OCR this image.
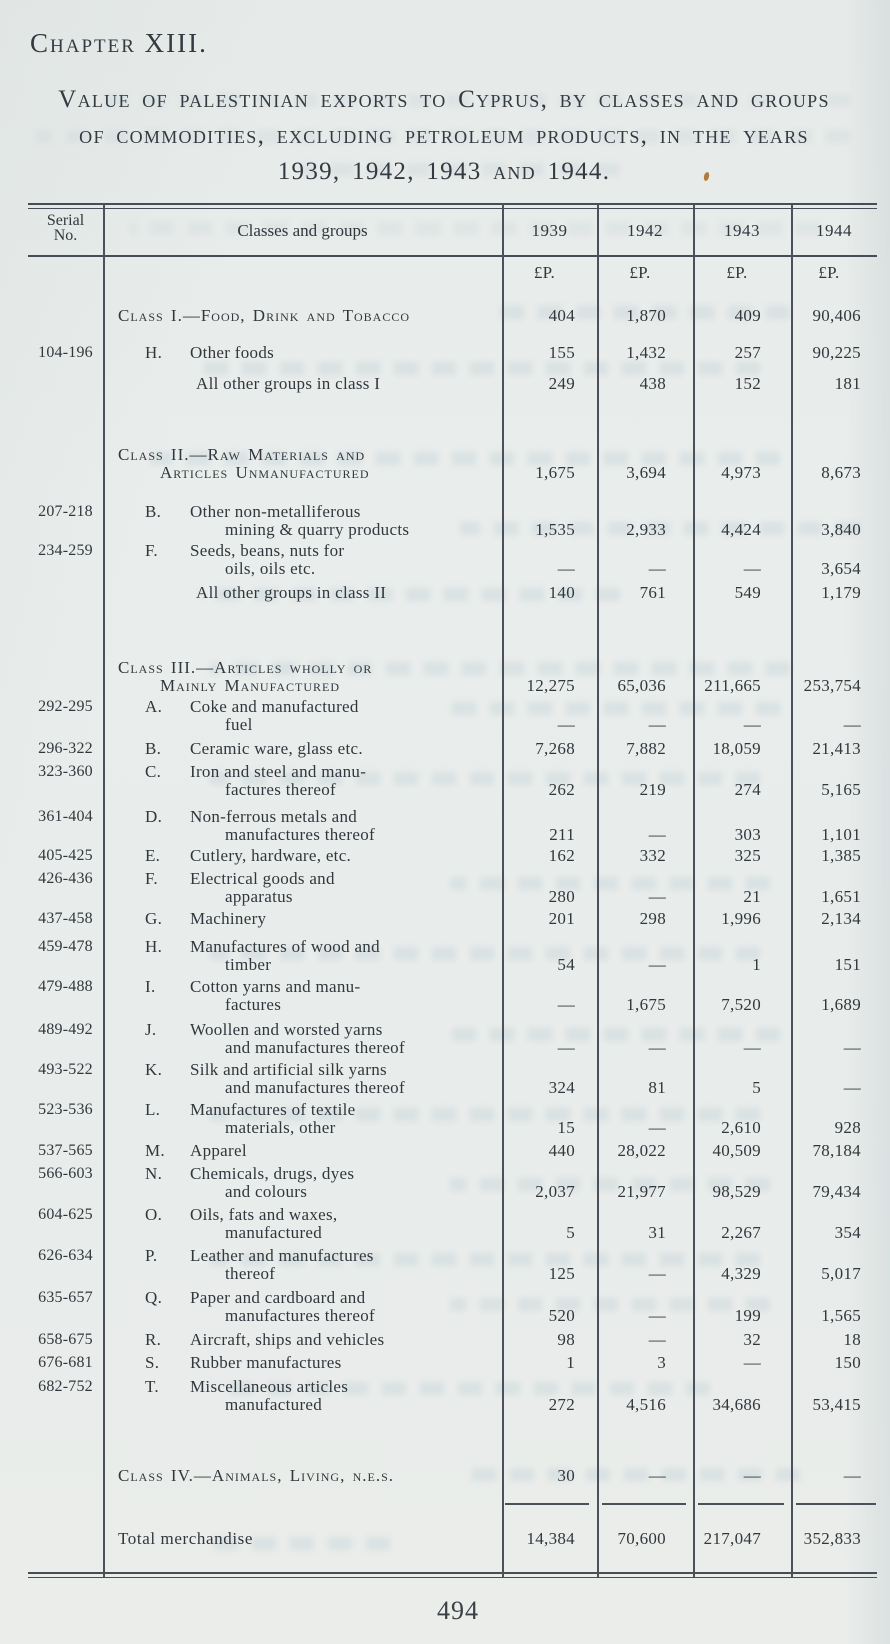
Chapter XIII.
Value of palestinian exports to Cyprus, by classes and groups
of commodities, excluding petroleum products, in the years
1939, 1942, 1943 and 1944.
Serial
No.	Classes and groups	1939	1942	1943	1944
£P.	£P.	£P.	£P.
Class I.—Food, Drink and Tobacco	404	1,870	409	90,406
104-196	H.	Other foods	155	1,432	257	90,225
All other groups in class I	249	438	152	181
Class II.—Raw Materials and
Articles Unmanufactured	1,675	3,694	4,973	8,673
207-218	B.	Other non-metalliferous
mining & quarry products	1,535	2,933	4,424	3,840
234-259	F.	Seeds, beans, nuts for
oils, oils etc.	—	—	—	3,654
All other groups in class II	140	761	549	1,179
Class III.—Articles wholly or
Mainly Manufactured	12,275	65,036	211,665	253,754
292-295	A.	Coke and manufactured
fuel	—	—	—	—
296-322	B.	Ceramic ware, glass etc.	7,268	7,882	18,059	21,413
323-360	C.	Iron and steel and manu-
factures thereof	262	219	274	5,165
361-404	D.	Non-ferrous metals and
manufactures thereof	211	—	303	1,101
405-425	E.	Cutlery, hardware, etc.	162	332	325	1,385
426-436	F.	Electrical goods and
apparatus	280	—	21	1,651
437-458	G.	Machinery	201	298	1,996	2,134
459-478	H.	Manufactures of wood and
timber	54	—	1	151
479-488	I.	Cotton yarns and manu-
factures	—	1,675	7,520	1,689
489-492	J.	Woollen and worsted yarns
and manufactures thereof	—	—	—	—
493-522	K.	Silk and artificial silk yarns
and manufactures thereof	324	81	5	—
523-536	L.	Manufactures of textile
materials, other	15	—	2,610	928
537-565	M.	Apparel	440	28,022	40,509	78,184
566-603	N.	Chemicals, drugs, dyes
and colours	2,037	21,977	98,529	79,434
604-625	O.	Oils, fats and waxes,
manufactured	5	31	2,267	354
626-634	P.	Leather and manufactures
thereof	125	—	4,329	5,017
635-657	Q.	Paper and cardboard and
manufactures thereof	520	—	199	1,565
658-675	R.	Aircraft, ships and vehicles	98	—	32	18
676-681	S.	Rubber manufactures	1	3	—	150
682-752	T.	Miscellaneous articles
manufactured	272	4,516	34,686	53,415
Class IV.—Animals, Living, n.e.s.	30	—	—	—
Total merchandise	14,384	70,600	217,047	352,833
494
